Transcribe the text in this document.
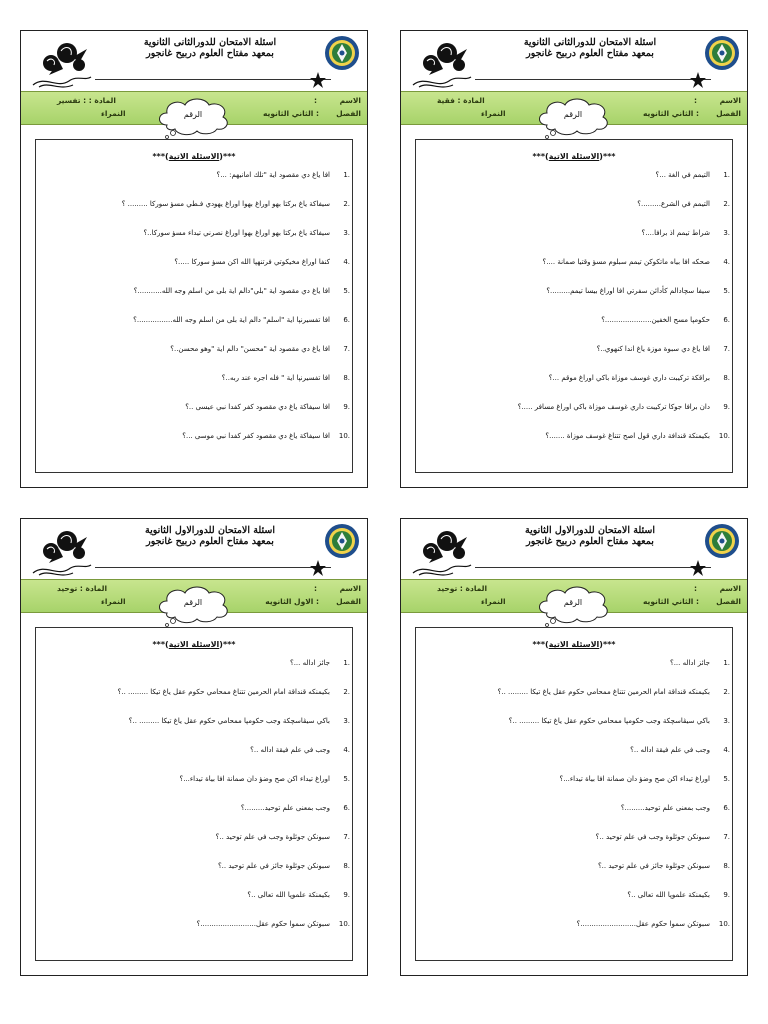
اسئلة الامتحان للدورالثانى الثانوية
بمعهد مفتاح العلوم دربيح غانجور
الاسم
:
الفصل
: الثاني الثانويه
المادة : فقية
النمراء	الرقم
***(الاسئلة الاتية)***
1.
التيمم في الغة ...؟
2.
التيمم في الشرع.........؟
3.
شراط تيمم اذ برافا....؟
4.
صحكه افا بياه ماتكوكن تيمم سبلوم مسؤ وقتيا صمانة ....؟
5.
سيفا سچادالم كأدائن سفرتي افا اوراغ بيسا تيمم.........؟
6.
حكومپا مسح الخفين.....................؟
7.
افا ياغ دي سبوة موزة ياغ اندا كنهوي..؟
8.
براقكة تركيبت داري غوسف موزاة باكي اوراغ موقم ...؟
9.
دان برافا جوكا تركيبت داري غوسف موزاة باكي اوراغ مسافر .....؟
10.
بكيمنكة قندافة داري قول اصح تتناغ غوسف موزاة .......؟
اسئلة الامتحان للدورالثانى الثانوية
بمعهد مفتاح العلوم دربيح غانجور
الاسم
:
الفصل
: الثاني الثانويه
المادة : : تفسير
النمراء	الرقم
***(الاسئلة الاتية)***
1.
افا ياغ دي مقصود اية "تلك امانيهم: ...؟
2.
سيفاكة ياغ بركتا بهو اوراغ بهوا اوراغ يهودي فـطي مسؤ سوركا ......... ؟
3.
سيفاكة ياغ بركتا بهو اوراغ بهوا اوراغ نصرني تيداء مسؤ سوركا..؟
4.
كنفا اوراغ مخيكوتي فرتنهپا الله اكن مسؤ سوركا .....؟
5.
افا ياغ دي مقصود اية "بلي"دالم اية بلى من اسلم وجه الله...........؟
6.
افا تفسيرنپا اية "اسلم" دالم اية بلى من اسلم وجه الله................؟
7.
افا ياغ دي مقصود اية "محسن" دالم اية "وهو محسن..؟
8.
افا تفسيرنپا اية " فله اجره عند ربه..؟
9.
افا سيفاكة ياغ دي مقصود كفر كفدا نبي عيسى ..؟
10.
افا سيفاكة ياغ دي مقصود كفر كفدا نبي موسى ...؟
اسئلة الامتحان للدورالاول الثانوية
بمعهد مفتاح العلوم دربيح غانجور
الاسم
:
الفصل
: الثاني الثانويه
المادة : توحيد
النمراء	الرقم
***(الاسئلة الاتية)***
1.
جائز اداله ...؟
2.
بكيمنكه قنداقة امام الحرمين تتناغ ممحامي حكوم عقل ياغ تيكا ......... ..؟
3.
باكي سيڤاسچكة وجب حكومپا ممحامي حكوم عقل ياغ تيكا ......... ..؟
4.
وجب في علم فيقة اداله ..؟
5.
اوراغ تيداء اكن صح وضؤ دان صمانة افا بياة تيداء...؟
6.
وجب بمعنى علم توحيد.........؟
7.
سبونكن جوئلوة وجب في علم توحيد ..؟
8.
سبونكن جوئلوة جائز في علم توحيد ..؟
9.
بكيمنكة علموپا الله تعالى ..؟
10.
سبوتكن سموا حكوم عقل.........................؟
اسئلة الامتحان للدورالاول الثانوية
بمعهد مفتاح العلوم دربيح غانجور
الاسم
:
الفصل
: الاول الثانويه
المادة : توحيد
النمراء	الرقم
***(الاسئلة الاتية)***
1.
جائز اداله ...؟
2.
بكيمنكه قنداقة امام الحرمين تتناغ ممحامي حكوم عقل ياغ تيكا ......... ..؟
3.
باكي سيڤاسچكة وجب حكومپا ممحامي حكوم عقل ياغ تيكا ......... ..؟
4.
وجب في علم فيقة اداله ..؟
5.
اوراغ تيداء اكن صح وضؤ دان صمانة افا بياة تيداء...؟
6.
وجب بمعنى علم توحيد.........؟
7.
سبونكن جوئلوة وجب في علم توحيد ..؟
8.
سبونكن جوئلوة جائز في علم توحيد ..؟
9.
بكيمنكة علموپا الله تعالى ..؟
10.
سبوتكن سموا حكوم عقل.........................؟
